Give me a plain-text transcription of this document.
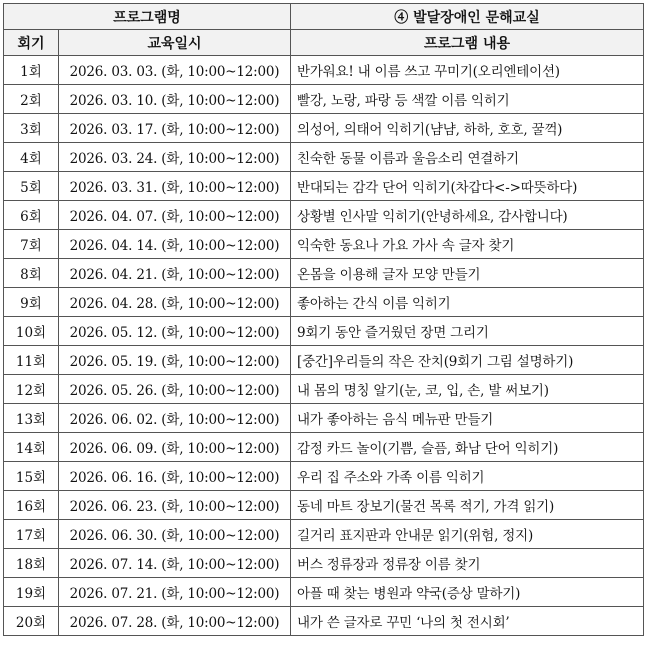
프로그램명		④ 발달장애인 문해교실
회기	교육일시	프로그램 내용
1회	2026. 03. 03. (화, 10:00~12:00)	반가워요! 내 이름 쓰고 꾸미기(오리엔테이션)
2회	2026. 03. 10. (화, 10:00~12:00)	빨강, 노랑, 파랑 등 색깔 이름 익히기
3회	2026. 03. 17. (화, 10:00~12:00)	의성어, 의태어 익히기(냠냠, 하하, 호호, 꿀꺽)
4회	2026. 03. 24. (화, 10:00~12:00)	친숙한 동물 이름과 울음소리 연결하기
5회	2026. 03. 31. (화, 10:00~12:00)	반대되는 감각 단어 익히기(차갑다<->따뜻하다)
6회	2026. 04. 07. (화, 10:00~12:00)	상황별 인사말 익히기(안녕하세요, 감사합니다)
7회	2026. 04. 14. (화, 10:00~12:00)	익숙한 동요나 가요 가사 속 글자 찾기
8회	2026. 04. 21. (화, 10:00~12:00)	온몸을 이용해 글자 모양 만들기
9회	2026. 04. 28. (화, 10:00~12:00)	좋아하는 간식 이름 익히기
10회	2026. 05. 12. (화, 10:00~12:00)	9회기 동안 즐거웠던 장면 그리기
11회	2026. 05. 19. (화, 10:00~12:00)	[중간]우리들의 작은 잔치(9회기 그림 설명하기)
12회	2026. 05. 26. (화, 10:00~12:00)	내 몸의 명칭 알기(눈, 코, 입, 손, 발 써보기)
13회	2026. 06. 02. (화, 10:00~12:00)	내가 좋아하는 음식 메뉴판 만들기
14회	2026. 06. 09. (화, 10:00~12:00)	감정 카드 놀이(기쁨, 슬픔, 화남 단어 익히기)
15회	2026. 06. 16. (화, 10:00~12:00)	우리 집 주소와 가족 이름 익히기
16회	2026. 06. 23. (화, 10:00~12:00)	동네 마트 장보기(물건 목록 적기, 가격 읽기)
17회	2026. 06. 30. (화, 10:00~12:00)	길거리 표지판과 안내문 읽기(위험, 정지)
18회	2026. 07. 14. (화, 10:00~12:00)	버스 정류장과 정류장 이름 찾기
19회	2026. 07. 21. (화, 10:00~12:00)	아플 때 찾는 병원과 약국(증상 말하기)
20회	2026. 07. 28. (화, 10:00~12:00)	내가 쓴 글자로 꾸민 ‘나의 첫 전시회’
